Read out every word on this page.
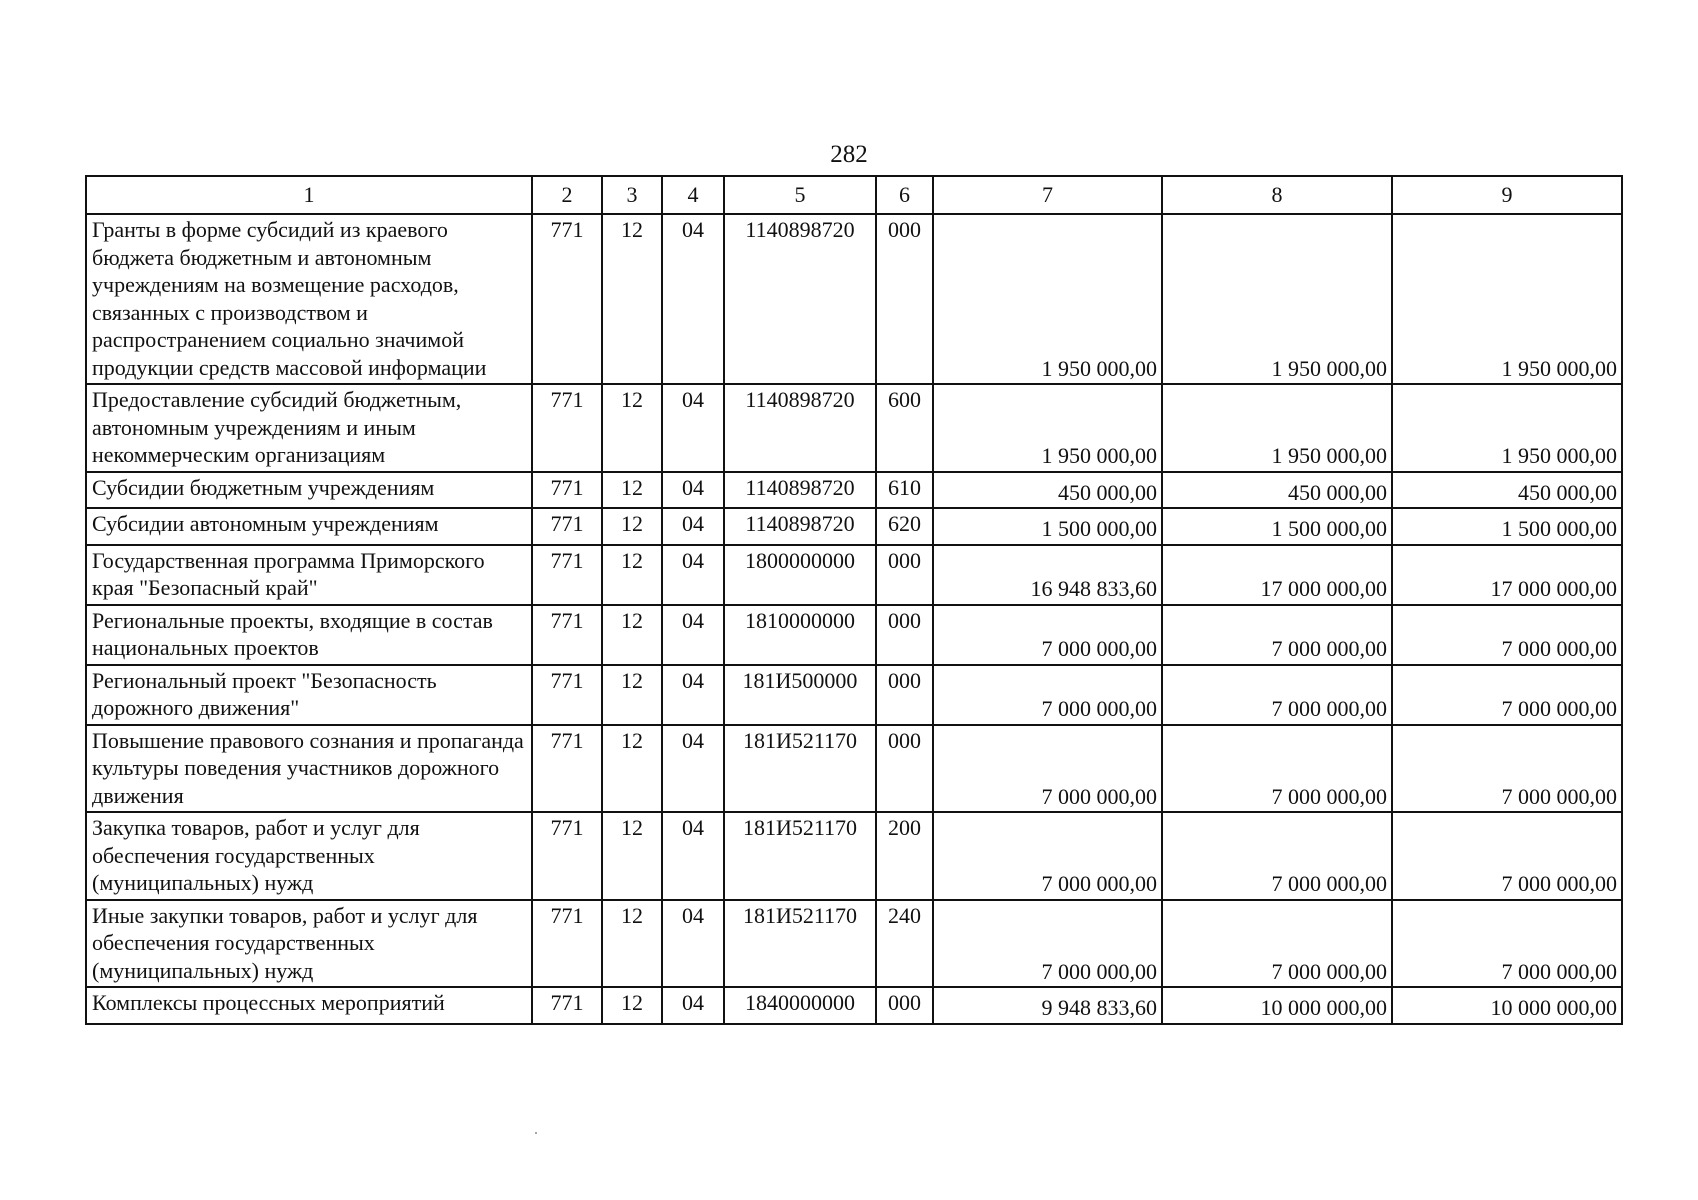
282
1	2	3	4	5	6	7	8	9
Гранты в форме субсидий из краевого бюджета бюджетным и автономным учреждениям на возмещение расходов, связанных с производством и распространением социально значимой продукции средств массовой информации	771	12	04	1140898720	000	1 950 000,00	1 950 000,00	1 950 000,00
Предоставление субсидий бюджетным, автономным учреждениям и иным некоммерческим организациям	771	12	04	1140898720	600	1 950 000,00	1 950 000,00	1 950 000,00
Субсидии бюджетным учреждениям	771	12	04	1140898720	610	450 000,00	450 000,00	450 000,00
Субсидии автономным учреждениям	771	12	04	1140898720	620	1 500 000,00	1 500 000,00	1 500 000,00
Государственная программа Приморского края "Безопасный край"	771	12	04	1800000000	000	16 948 833,60	17 000 000,00	17 000 000,00
Региональные проекты, входящие в состав национальных проектов	771	12	04	1810000000	000	7 000 000,00	7 000 000,00	7 000 000,00
Региональный проект "Безопасность дорожного движения"	771	12	04	181И500000	000	7 000 000,00	7 000 000,00	7 000 000,00
Повышение правового сознания и пропаганда культуры поведения участников дорожного движения	771	12	04	181И521170	000	7 000 000,00	7 000 000,00	7 000 000,00
Закупка товаров, работ и услуг для обеспечения государственных (муниципальных) нужд	771	12	04	181И521170	200	7 000 000,00	7 000 000,00	7 000 000,00
Иные закупки товаров, работ и услуг для обеспечения государственных (муниципальных) нужд	771	12	04	181И521170	240	7 000 000,00	7 000 000,00	7 000 000,00
Комплексы процессных мероприятий	771	12	04	1840000000	000	9 948 833,60	10 000 000,00	10 000 000,00
